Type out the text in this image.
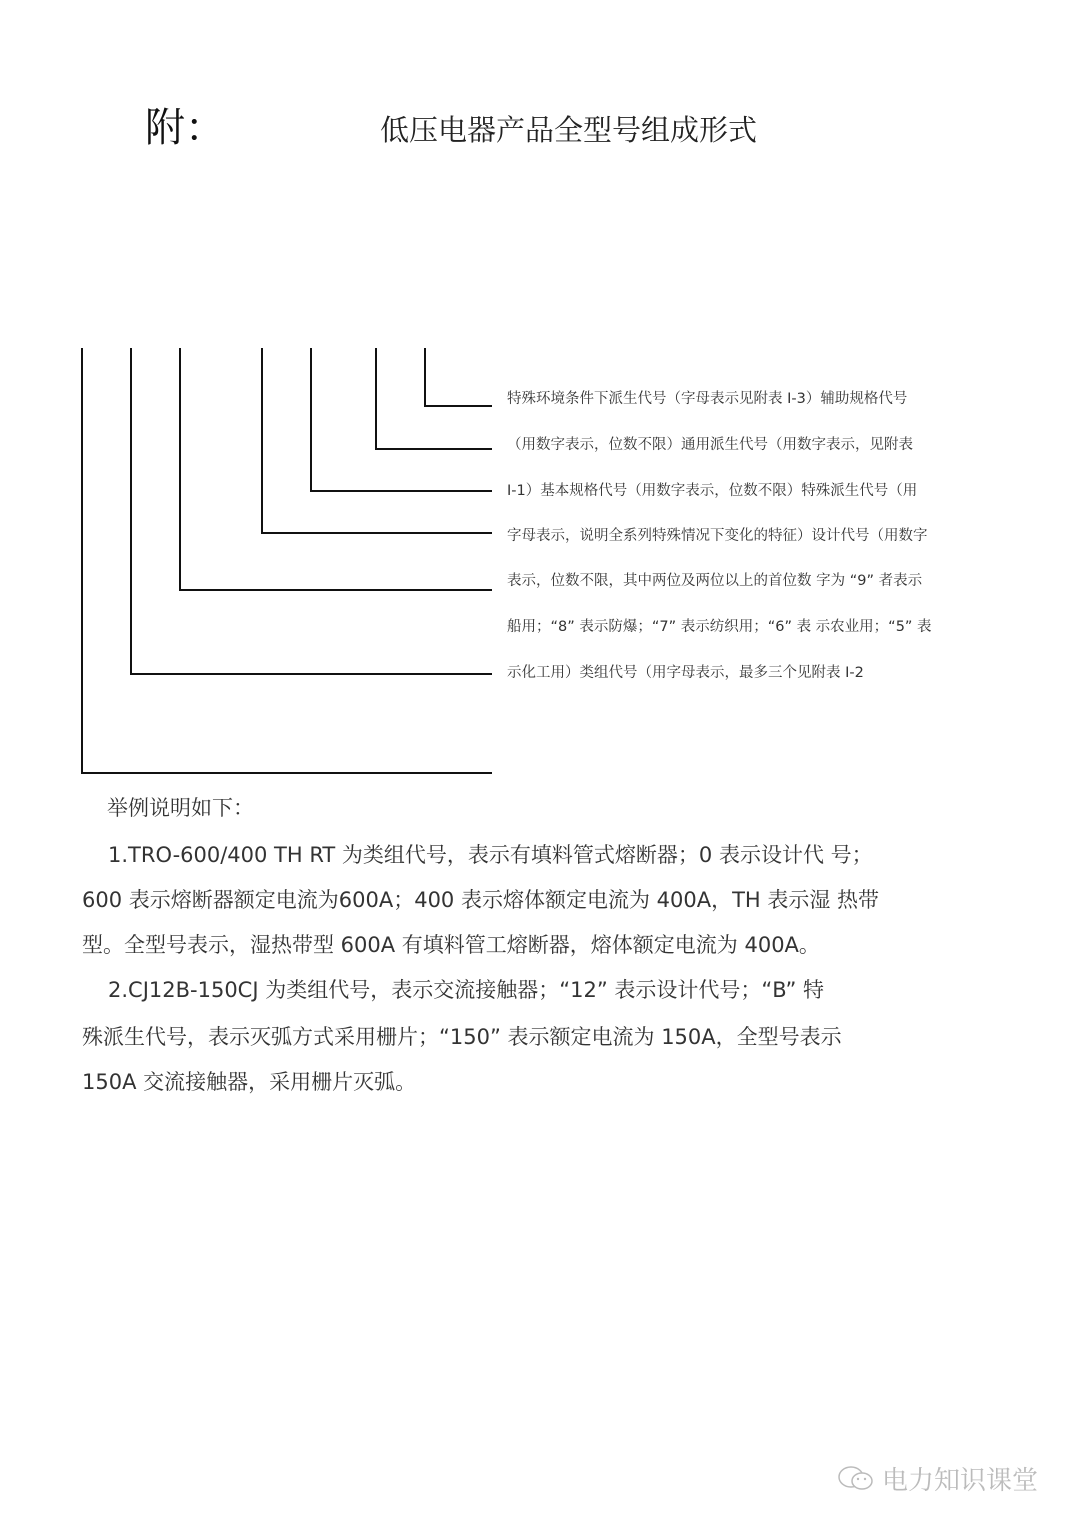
附：	低压电器产品全型号组成形式
特殊环境条件下派生代号（字母表示见附表 I-3）辅助规格代号
（用数字表示，位数不限）通用派生代号（用数字表示，见附表
I-1）基本规格代号（用数字表示，位数不限）特殊派生代号（用
字母表示，说明全系列特殊情况下变化的特征）设计代号（用数字
表示，位数不限，其中两位及两位以上的首位数 字为 “9” 者表示
船用；“8” 表示防爆；“7” 表示纺织用；“6” 表 示农业用；“5” 表
示化工用）类组代号（用字母表示，最多三个见附表 I-2
举例说明如下：
1.TRO-600/400 TH RT 为类组代号，表示有填料管式熔断器；0 表示设计代 号；
600 表示熔断器额定电流为600A；400 表示熔体额定电流为 400A，TH 表示湿 热带
型。全型号表示，湿热带型 600A 有填料管工熔断器，熔体额定电流为 400A。
2.CJ12B-150CJ 为类组代号，表示交流接触器；“12” 表示设计代号；“B” 特
殊派生代号，表示灭弧方式采用栅片；“150” 表示额定电流为 150A，全型号表示
150A 交流接触器，采用栅片灭弧。
电力知识课堂
